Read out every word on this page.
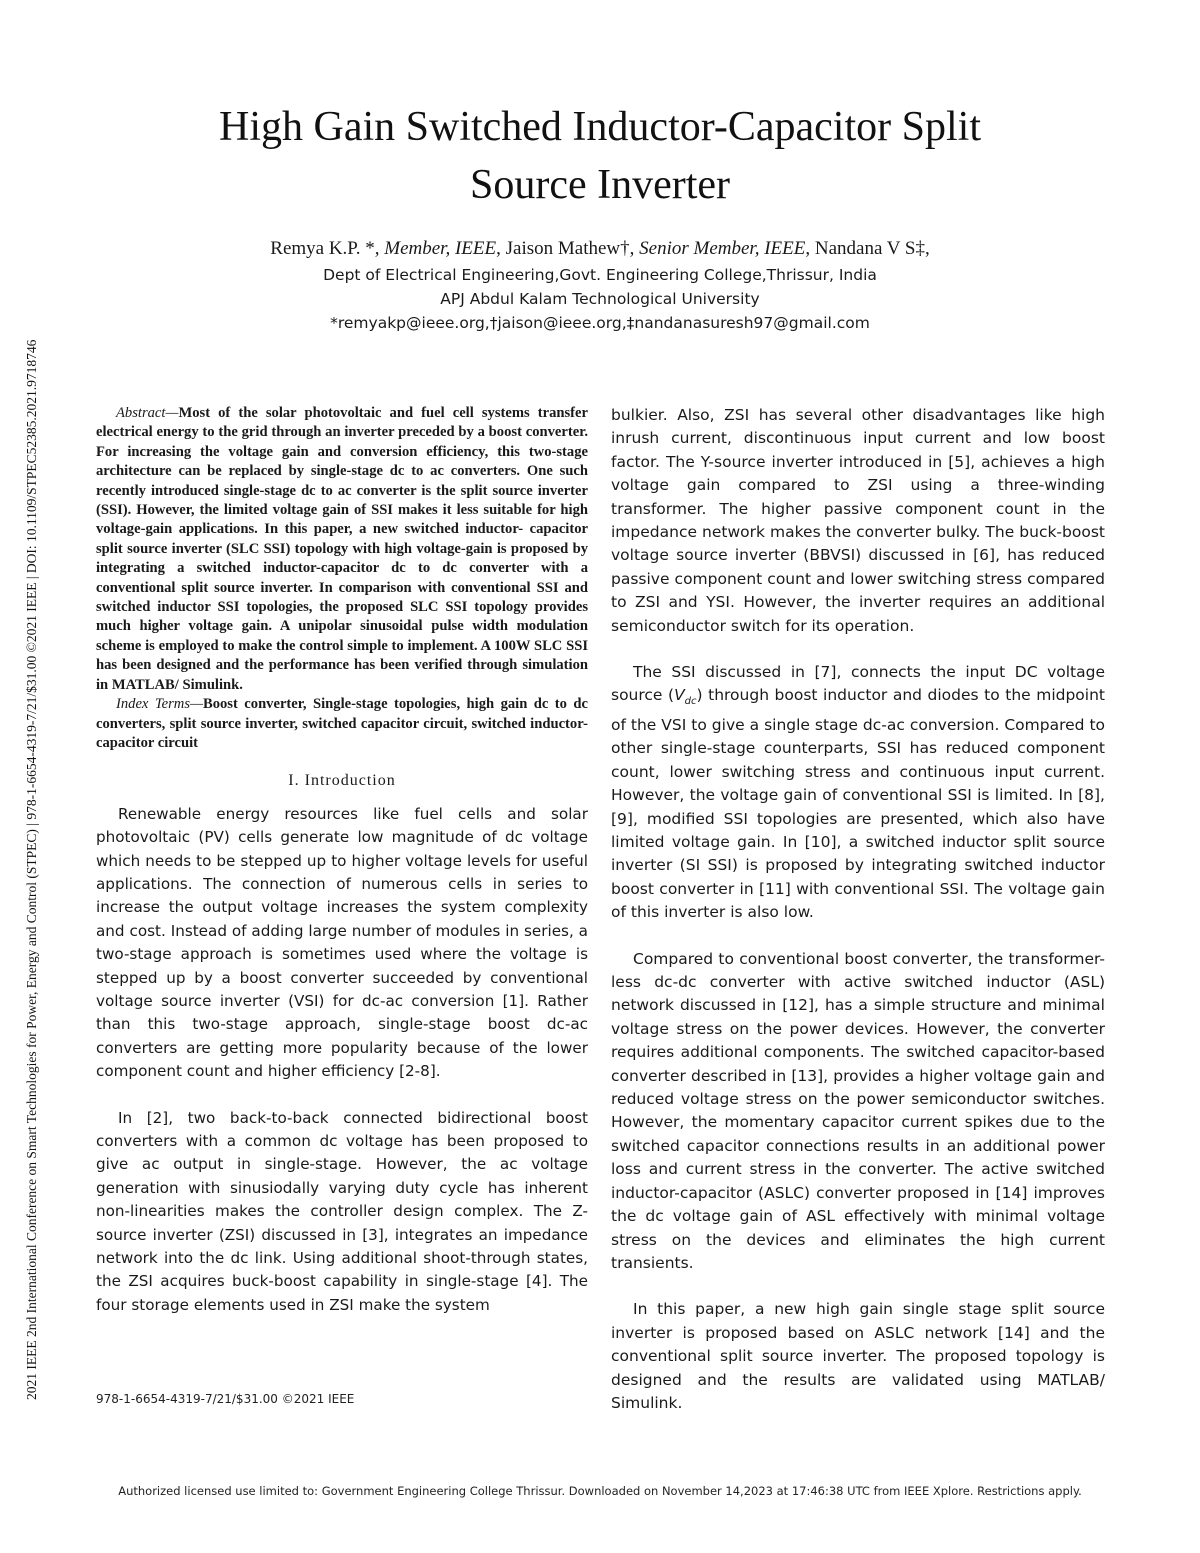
2021 IEEE 2nd International Conference on Smart Technologies for Power, Energy and Control (STPEC) | 978-1-6654-4319-7/21/$31.00 ©2021 IEEE | DOI: 10.1109/STPEC52385.2021.9718746
High Gain Switched Inductor-Capacitor Split
Source Inverter
Remya K.P. *, Member, IEEE, Jaison Mathew†, Senior Member, IEEE, Nandana V S‡,
Dept of Electrical Engineering,Govt. Engineering College,Thrissur, India
APJ Abdul Kalam Technological University
*remyakp@ieee.org,†jaison@ieee.org,‡nandanasuresh97@gmail.com

Abstract—Most of the solar photovoltaic and fuel cell systems transfer electrical energy to the grid through an inverter preceded by a boost converter. For increasing the voltage gain and conversion efficiency, this two-stage architecture can be replaced by single-stage dc to ac converters. One such recently introduced single-stage dc to ac converter is the split source inverter (SSI). However, the limited voltage gain of SSI makes it less suitable for high voltage-gain applications. In this paper, a new switched inductor- capacitor split source inverter (SLC SSI) topology with high voltage-gain is proposed by integrating a switched inductor-capacitor dc to dc converter with a conventional split source inverter. In comparison with conventional SSI and switched inductor SSI topologies, the proposed SLC SSI topology provides much higher voltage gain. A unipolar sinusoidal pulse width modulation scheme is employed to make the control simple to implement. A 100W SLC SSI has been designed and the performance has been verified through simulation in MATLAB/ Simulink.

Index Terms—Boost converter, Single-stage topologies, high gain dc to dc converters, split source inverter, switched capacitor circuit, switched inductor-capacitor circuit

I. Introduction

Renewable energy resources like fuel cells and solar photovoltaic (PV) cells generate low magnitude of dc voltage which needs to be stepped up to higher voltage levels for useful applications. The connection of numerous cells in series to increase the output voltage increases the system complexity and cost. Instead of adding large number of modules in series, a two-stage approach is sometimes used where the voltage is stepped up by a boost converter succeeded by conventional voltage source inverter (VSI) for dc-ac conversion [1]. Rather than this two-stage approach, single-stage boost dc-ac converters are getting more popularity because of the lower component count and higher efficiency [2-8].

In [2], two back-to-back connected bidirectional boost converters with a common dc voltage has been proposed to give ac output in single-stage. However, the ac voltage generation with sinusiodally varying duty cycle has inherent non-linearities makes the controller design complex. The Z-source inverter (ZSI) discussed in [3], integrates an impedance network into the dc link. Using additional shoot-through states, the ZSI acquires buck-boost capability in single-stage [4]. The four storage elements used in ZSI make the system

978-1-6654-4319-7/21/$31.00 ©2021 IEEE

bulkier. Also, ZSI has several other disadvantages like high inrush current, discontinuous input current and low boost factor. The Y-source inverter introduced in [5], achieves a high voltage gain compared to ZSI using a three-winding transformer. The higher passive component count in the impedance network makes the converter bulky. The buck-boost voltage source inverter (BBVSI) discussed in [6], has reduced passive component count and lower switching stress compared to ZSI and YSI. However, the inverter requires an additional semiconductor switch for its operation.

The SSI discussed in [7], connects the input DC voltage source $(V_{dc})$ through boost inductor and diodes to the midpoint of the VSI to give a single stage dc-ac conversion. Compared to other single-stage counterparts, SSI has reduced component count, lower switching stress and continuous input current. However, the voltage gain of conventional SSI is limited. In [8],[9], modified SSI topologies are presented, which also have limited voltage gain. In [10], a switched inductor split source inverter (SI SSI) is proposed by integrating switched inductor boost converter in [11] with conventional SSI. The voltage gain of this inverter is also low.

Compared to conventional boost converter, the transformer-less dc-dc converter with active switched inductor (ASL) network discussed in [12], has a simple structure and minimal voltage stress on the power devices. However, the converter requires additional components. The switched capacitor-based converter described in [13], provides a higher voltage gain and reduced voltage stress on the power semiconductor switches. However, the momentary capacitor current spikes due to the switched capacitor connections results in an additional power loss and current stress in the converter. The active switched inductor-capacitor (ASLC) converter proposed in [14] improves the dc voltage gain of ASL effectively with minimal voltage stress on the devices and eliminates the high current transients.

In this paper, a new high gain single stage split source inverter is proposed based on ASLC network [14] and the conventional split source inverter. The proposed topology is designed and the results are validated using MATLAB/ Simulink.

Authorized licensed use limited to: Government Engineering College Thrissur. Downloaded on November 14,2023 at 17:46:38 UTC from IEEE Xplore. Restrictions apply.
